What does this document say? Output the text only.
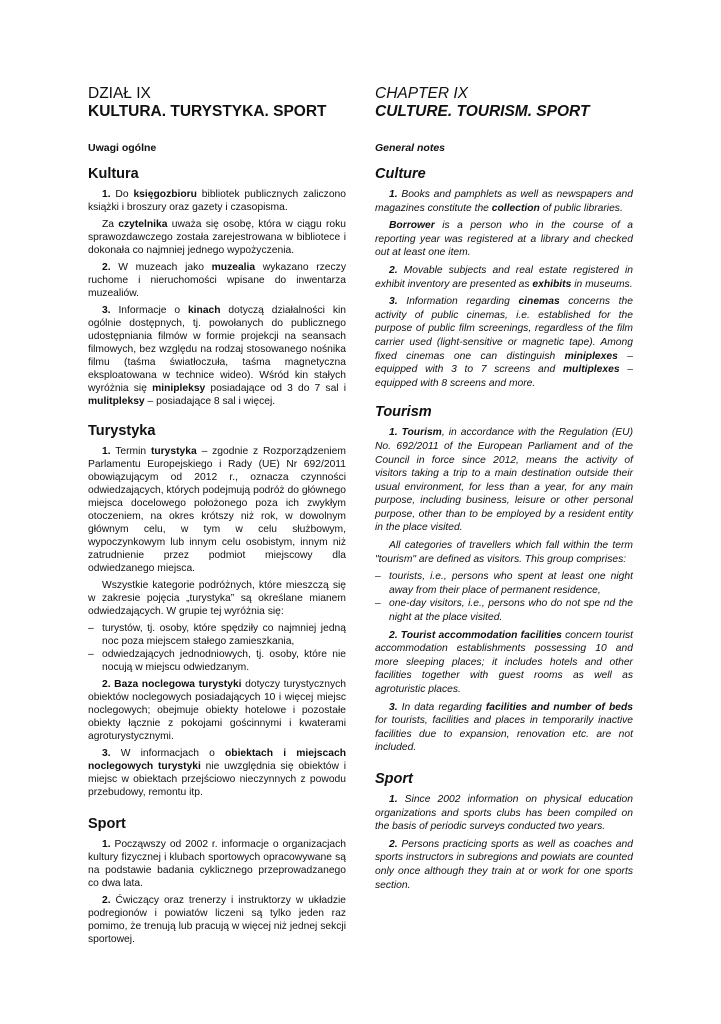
DZIAŁ IX
KULTURA. TURYSTYKA. SPORT
Uwagi ogólne
Kultura

1. Do księgozbioru bibliotek publicznych zaliczono książki i broszury oraz gazety i czasopisma.

Za czytelnika uważa się osobę, która w ciągu roku sprawozdawczego została zarejestrowana w bibliotece i dokonała co najmniej jednego wypożyczenia.

2. W muzeach jako muzealia wykazano rzeczy ruchome i nieruchomości wpisane do inwentarza muzealiów.

3. Informacje o kinach dotyczą działalności kin ogólnie dostępnych, tj. powołanych do publicznego udostępniania filmów w formie projekcji na seansach filmowych, bez względu na rodzaj stosowanego nośnika filmu (taśma światłoczuła, taśma magnetyczna eksploatowana w technice wideo). Wśród kin stałych wyróżnia się minipleksy posiadające od 3 do 7 sal i mulitpleksy – posiadające 8 sal i więcej.

Turystyka

1. Termin turystyka – zgodnie z Rozporządzeniem Parlamentu Europejskiego i Rady (UE) Nr 692/2011 obowiązującym od 2012 r., oznacza czynności odwiedzających, których podejmują podróż do głównego miejsca docelowego położonego poza ich zwykłym otoczeniem, na okres krótszy niż rok, w dowolnym głównym celu, w tym w celu służbowym, wypoczynkowym lub innym celu osobistym, innym niż zatrudnienie przez podmiot miejscowy dla odwiedzanego miejsca.

Wszystkie kategorie podróżnych, które mieszczą się w zakresie pojęcia „turystyka” są określane mianem odwiedzających. W grupie tej wyróżnia się:

– turystów, tj. osoby, które spędziły co najmniej jedną noc poza miejscem stałego zamieszkania,
– odwiedzających jednodniowych, tj. osoby, które nie nocują w miejscu odwiedzanym.

2. Baza noclegowa turystyki dotyczy turystycznych obiektów noclegowych posiadających 10 i więcej miejsc noclegowych; obejmuje obiekty hotelowe i pozostałe obiekty łącznie z pokojami gościnnymi i kwaterami agroturystycznymi.

3. W informacjach o obiektach i miejscach noclegowych turystyki nie uwzględnia się obiektów i miejsc w obiektach przejściowo nieczynnych z powodu przebudowy, remontu itp.

Sport

1. Począwszy od 2002 r. informacje o organizacjach kultury fizycznej i klubach sportowych opracowywane są na podstawie badania cyklicznego przeprowadzanego co dwa lata.

2. Ćwiczący oraz trenerzy i instruktorzy w układzie podregionów i powiatów liczeni są tylko jeden raz pomimo, że trenują lub pracują w więcej niż jednej sekcji sportowej.

CHAPTER IX
CULTURE. TOURISM. SPORT
General notes
Culture

1. Books and pamphlets as well as newspapers and magazines constitute the collection of public libraries.

Borrower is a person who in the course of a reporting year was registered at a library and checked out at least one item.

2. Movable subjects and real estate registered in exhibit inventory are presented as exhibits in museums.

3. Information regarding cinemas concerns the activity of public cinemas, i.e. established for the purpose of public film screenings, regardless of the film carrier used (light-sensitive or magnetic tape). Among fixed cinemas one can distinguish miniplexes – equipped with 3 to 7 screens and multiplexes – equipped with 8 screens and more.

Tourism

1. Tourism, in accordance with the Regulation (EU) No. 692/2011 of the European Parliament and of the Council in force since 2012, means the activity of visitors taking a trip to a main destination outside their usual environment, for less than a year, for any main purpose, including business, leisure or other personal purpose, other than to be employed by a resident entity in the place visited.

All categories of travellers which fall within the term "tourism" are defined as visitors. This group comprises:

– tourists, i.e., persons who spent at least one night away from their place of permanent residence,
– one-day visitors, i.e., persons who do not spe nd the night at the place visited.

2. Tourist accommodation facilities concern tourist accommodation establishments possessing 10 and more sleeping places; it includes hotels and other facilities together with guest rooms as well as agroturistic places.

3. In data regarding facilities and number of beds for tourists, facilities and places in temporarily inactive facilities due to expansion, renovation etc. are not included.

Sport

1. Since 2002 information on physical education organizations and sports clubs has been compiled on the basis of periodic surveys conducted two years.

2. Persons practicing sports as well as coaches and sports instructors in subregions and powiats are counted only once although they train at or work for one sports section.
